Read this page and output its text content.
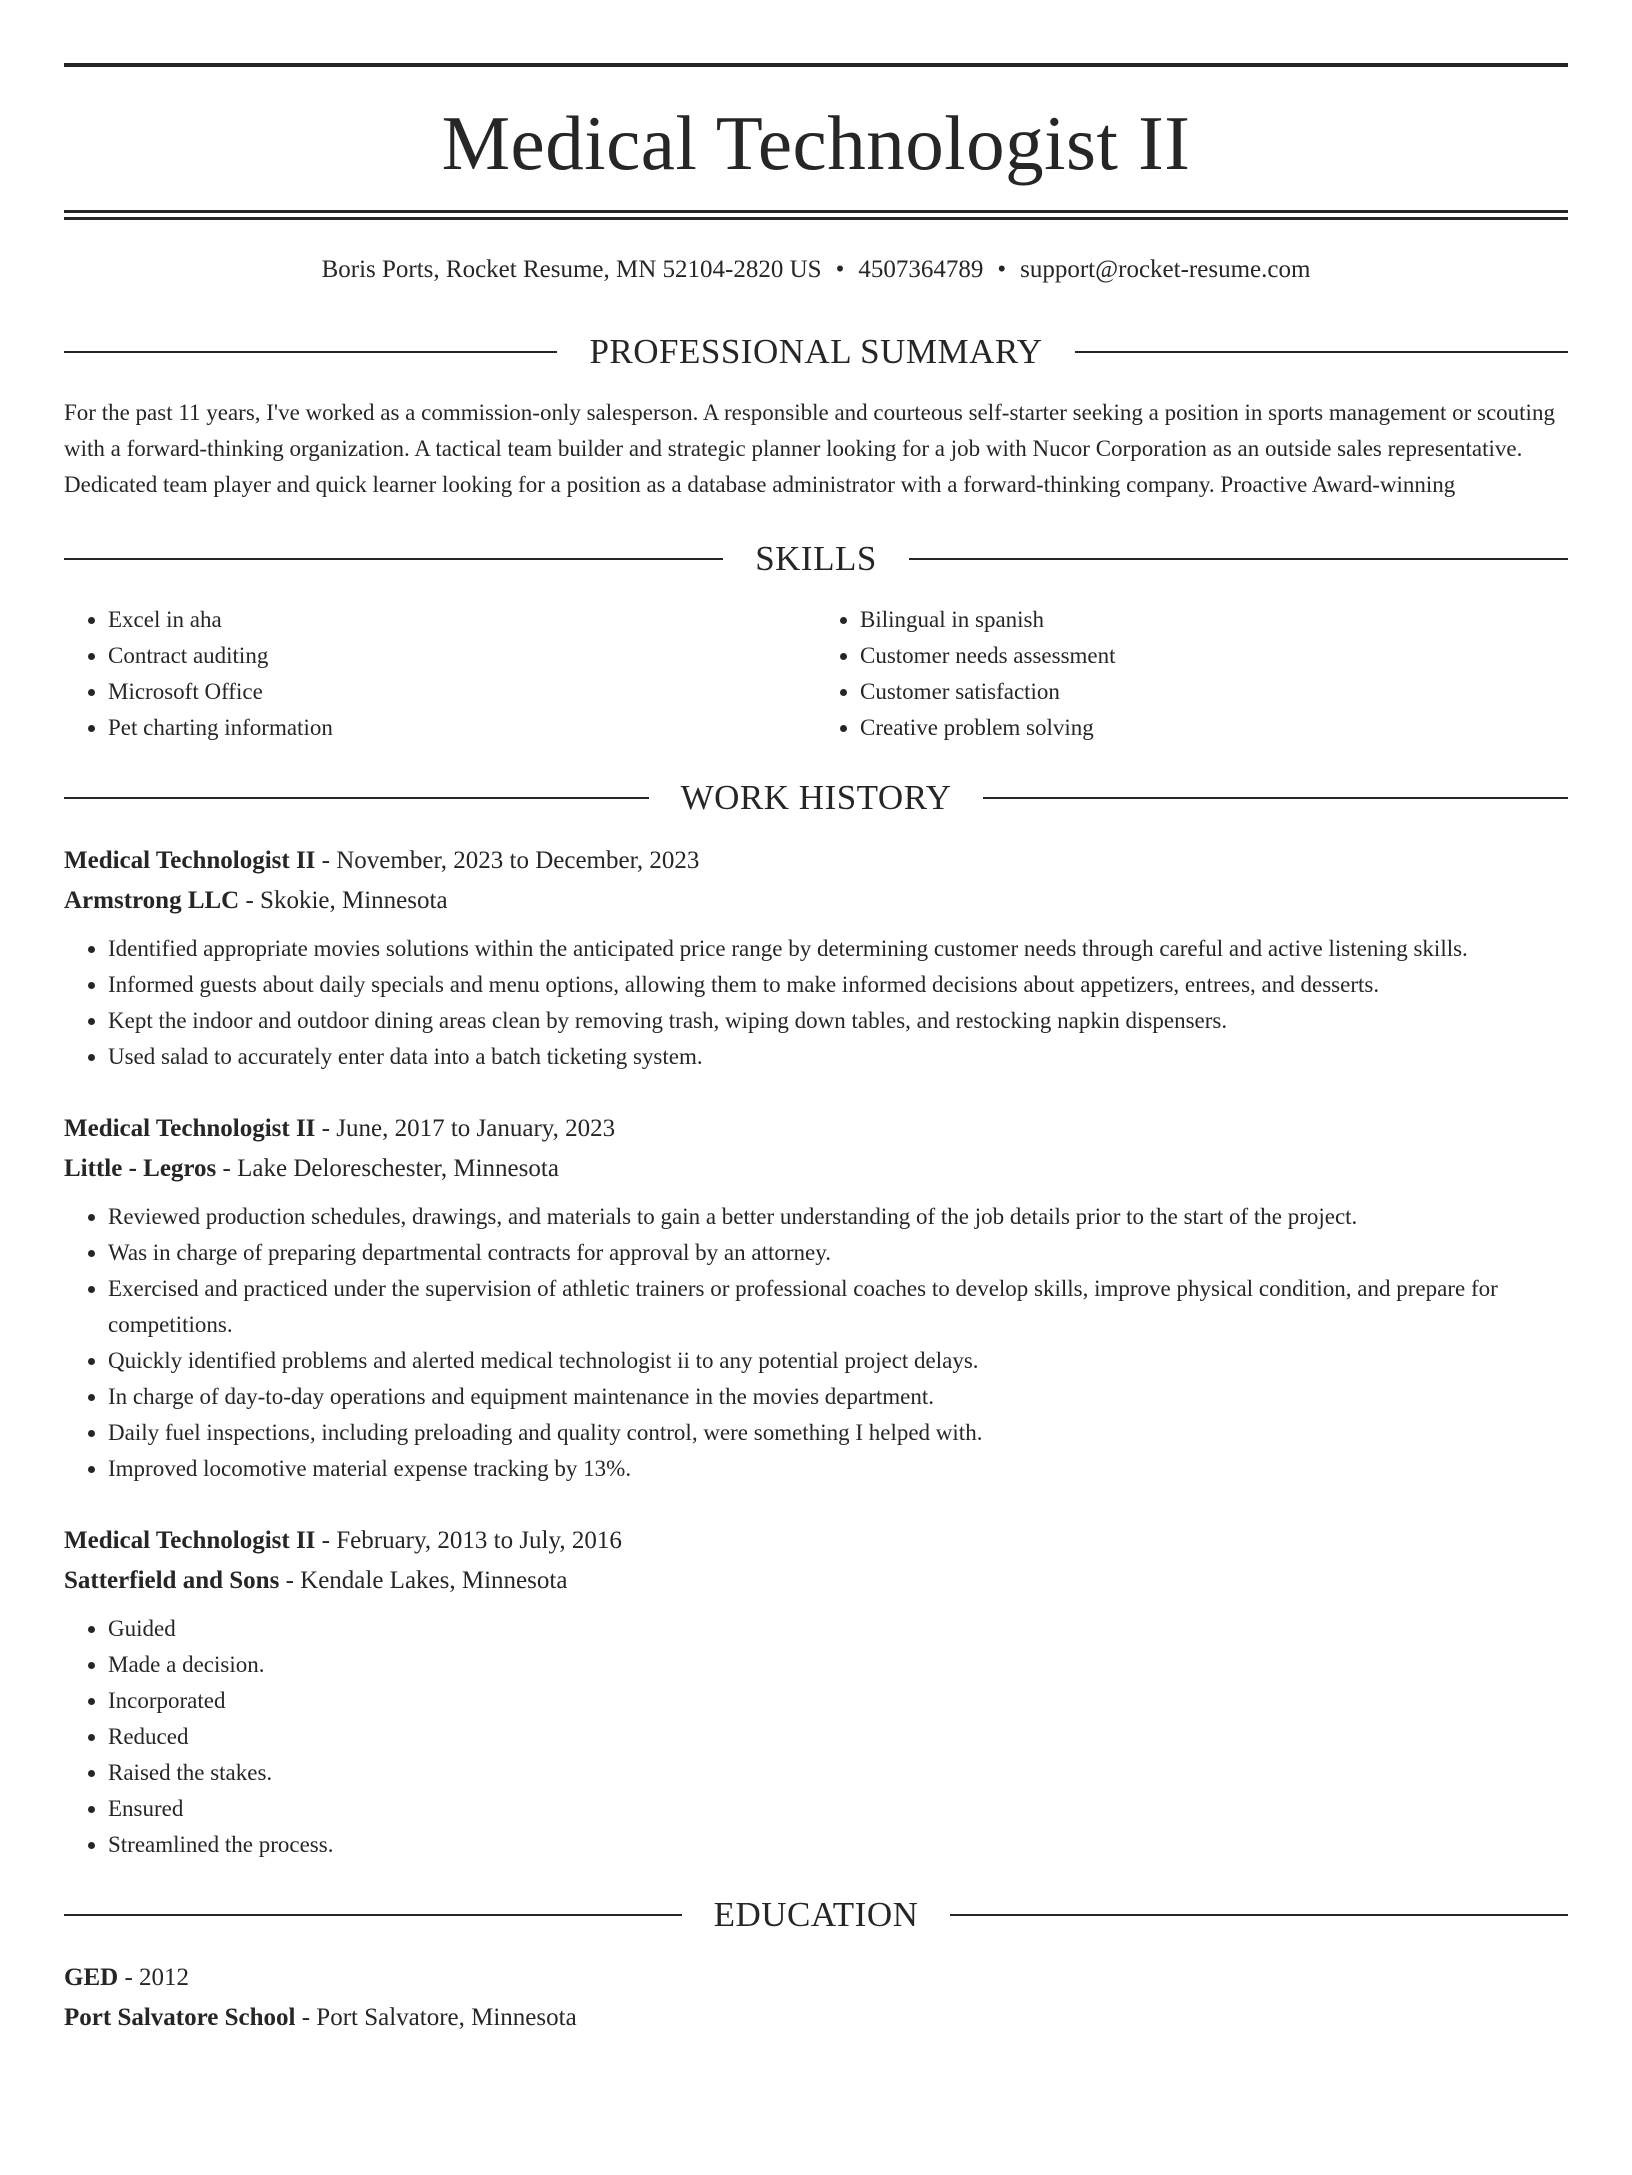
Medical Technologist II
Boris Ports, Rocket Resume, MN 52104-2820 US • 4507364789 • support@rocket-resume.com
PROFESSIONAL SUMMARY
For the past 11 years, I've worked as a commission-only salesperson. A responsible and courteous self-starter seeking a position in sports management or scouting with a forward-thinking organization. A tactical team builder and strategic planner looking for a job with Nucor Corporation as an outside sales representative. Dedicated team player and quick learner looking for a position as a database administrator with a forward-thinking company. Proactive Award-winning
SKILLS
• Excel in aha
• Contract auditing
• Microsoft Office
• Pet charting information
• Bilingual in spanish
• Customer needs assessment
• Customer satisfaction
• Creative problem solving
WORK HISTORY
Medical Technologist II - November, 2023 to December, 2023
Armstrong LLC - Skokie, Minnesota
• Identified appropriate movies solutions within the anticipated price range by determining customer needs through careful and active listening skills.
• Informed guests about daily specials and menu options, allowing them to make informed decisions about appetizers, entrees, and desserts.
• Kept the indoor and outdoor dining areas clean by removing trash, wiping down tables, and restocking napkin dispensers.
• Used salad to accurately enter data into a batch ticketing system.
Medical Technologist II - June, 2017 to January, 2023
Little - Legros - Lake Deloreschester, Minnesota
• Reviewed production schedules, drawings, and materials to gain a better understanding of the job details prior to the start of the project.
• Was in charge of preparing departmental contracts for approval by an attorney.
• Exercised and practiced under the supervision of athletic trainers or professional coaches to develop skills, improve physical condition, and prepare for competitions.
• Quickly identified problems and alerted medical technologist ii to any potential project delays.
• In charge of day-to-day operations and equipment maintenance in the movies department.
• Daily fuel inspections, including preloading and quality control, were something I helped with.
• Improved locomotive material expense tracking by 13%.
Medical Technologist II - February, 2013 to July, 2016
Satterfield and Sons - Kendale Lakes, Minnesota
• Guided
• Made a decision.
• Incorporated
• Reduced
• Raised the stakes.
• Ensured
• Streamlined the process.
EDUCATION
GED - 2012
Port Salvatore School - Port Salvatore, Minnesota
